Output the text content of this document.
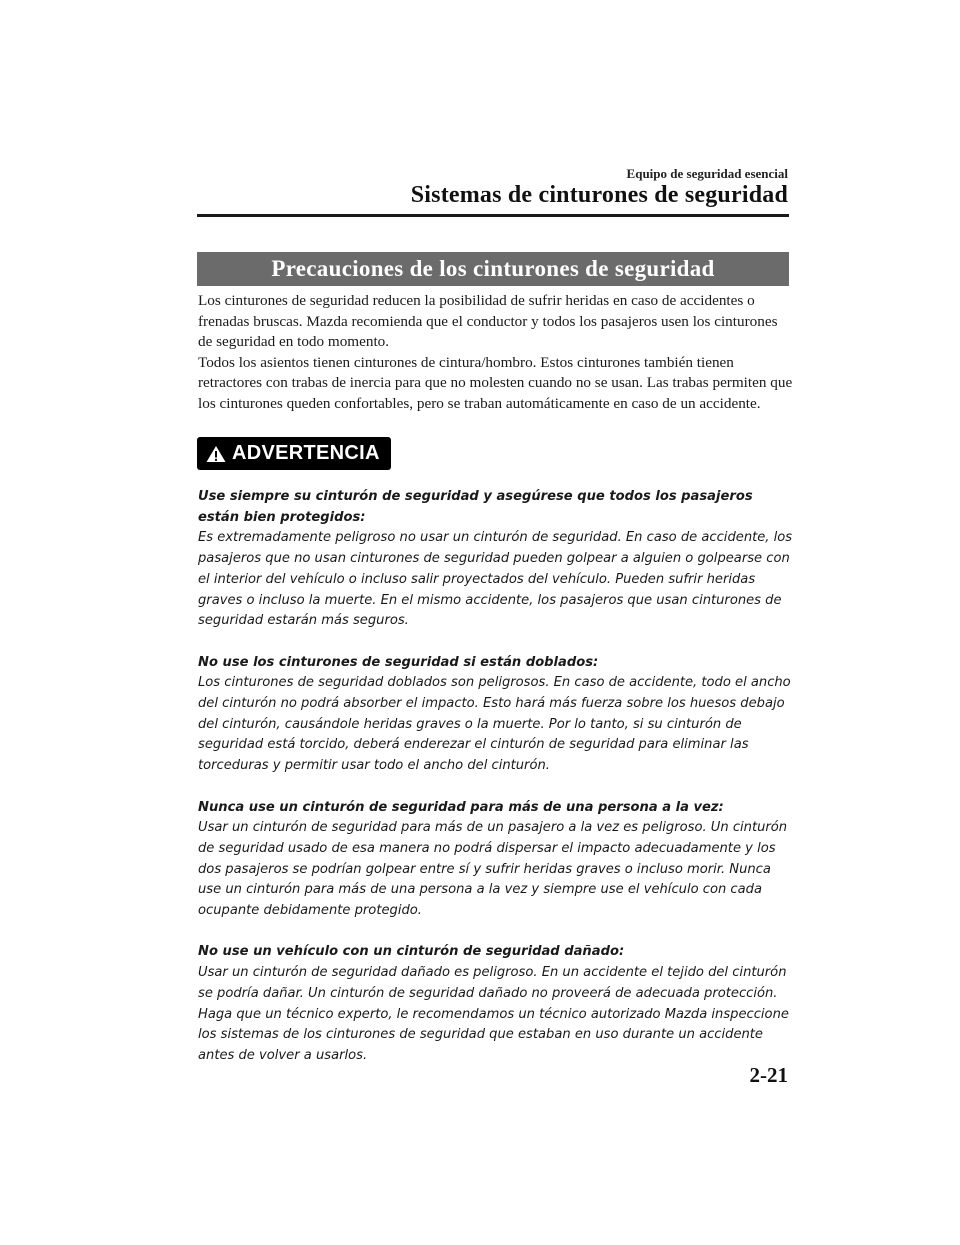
Equipo de seguridad esencial
Sistemas de cinturones de seguridad
Precauciones de los cinturones de seguridad

Los cinturones de seguridad reducen la posibilidad de sufrir heridas en caso de accidentes o frenadas bruscas. Mazda recomienda que el conductor y todos los pasajeros usen los cinturones de seguridad en todo momento.

Todos los asientos tienen cinturones de cintura/hombro. Estos cinturones también tienen retractores con trabas de inercia para que no molesten cuando no se usan. Las trabas permiten que los cinturones queden confortables, pero se traban automáticamente en caso de un accidente.

ADVERTENCIA
Use siempre su cinturón de seguridad y asegúrese que todos los pasajeros están bien protegidos:
Es extremadamente peligroso no usar un cinturón de seguridad. En caso de accidente, los pasajeros que no usan cinturones de seguridad pueden golpear a alguien o golpearse con el interior del vehículo o incluso salir proyectados del vehículo. Pueden sufrir heridas graves o incluso la muerte. En el mismo accidente, los pasajeros que usan cinturones de seguridad estarán más seguros.
No use los cinturones de seguridad si están doblados:
Los cinturones de seguridad doblados son peligrosos. En caso de accidente, todo el ancho del cinturón no podrá absorber el impacto. Esto hará más fuerza sobre los huesos debajo del cinturón, causándole heridas graves o la muerte. Por lo tanto, si su cinturón de seguridad está torcido, deberá enderezar el cinturón de seguridad para eliminar las torceduras y permitir usar todo el ancho del cinturón.
Nunca use un cinturón de seguridad para más de una persona a la vez:
Usar un cinturón de seguridad para más de un pasajero a la vez es peligroso. Un cinturón de seguridad usado de esa manera no podrá dispersar el impacto adecuadamente y los dos pasajeros se podrían golpear entre sí y sufrir heridas graves o incluso morir. Nunca use un cinturón para más de una persona a la vez y siempre use el vehículo con cada ocupante debidamente protegido.
No use un vehículo con un cinturón de seguridad dañado:
Usar un cinturón de seguridad dañado es peligroso. En un accidente el tejido del cinturón se podría dañar. Un cinturón de seguridad dañado no proveerá de adecuada protección. Haga que un técnico experto, le recomendamos un técnico autorizado Mazda inspeccione los sistemas de los cinturones de seguridad que estaban en uso durante un accidente antes de volver a usarlos.
2-21
